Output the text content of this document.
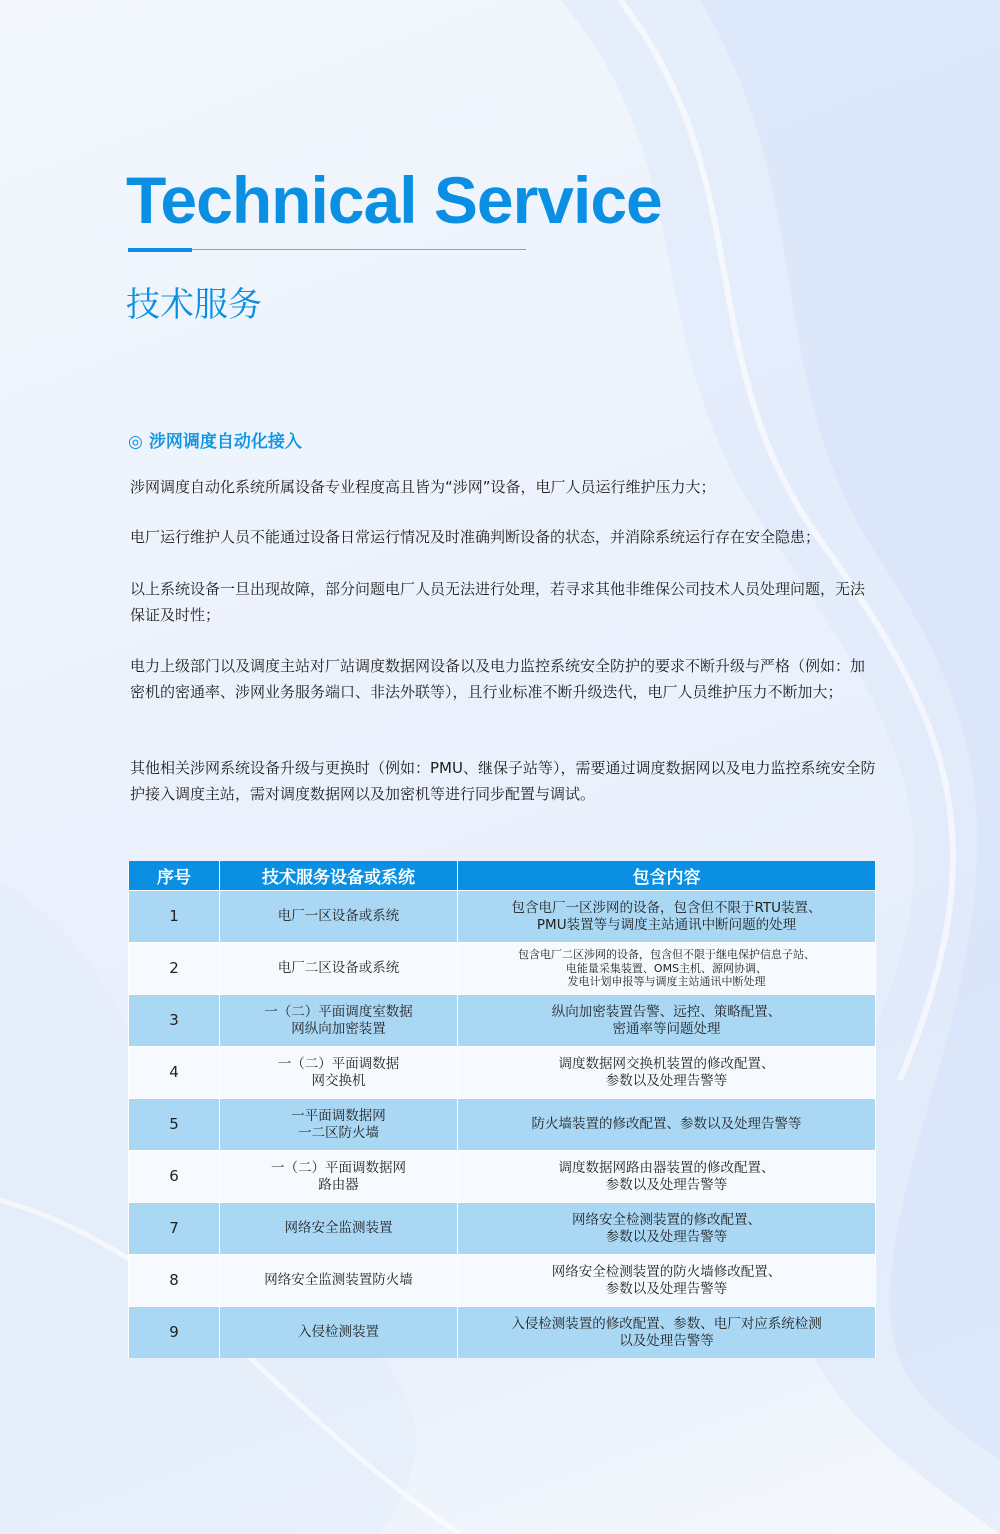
Technical Service
技术服务
◎ 涉网调度自动化接入

涉网调度自动化系统所属设备专业程度高且皆为“涉网”设备，电厂人员运行维护压力大；

电厂运行维护人员不能通过设备日常运行情况及时准确判断设备的状态，并消除系统运行存在安全隐患；

以上系统设备一旦出现故障，部分问题电厂人员无法进行处理，若寻求其他非维保公司技术人员处理问题，无法保证及时性；

电力上级部门以及调度主站对厂站调度数据网设备以及电力监控系统安全防护的要求不断升级与严格（例如：加密机的密通率、涉网业务服务端口、非法外联等），且行业标准不断升级迭代，电厂人员维护压力不断加大；

其他相关涉网系统设备升级与更换时（例如：PMU、继保子站等），需要通过调度数据网以及电力监控系统安全防护接入调度主站，需对调度数据网以及加密机等进行同步配置与调试。

序号	技术服务设备或系统	包含内容
1	电厂一区设备或系统	包含电厂一区涉网的设备，包含但不限于RTU装置、
PMU装置等与调度主站通讯中断问题的处理

2	电厂二区设备或系统	包含电厂二区涉网的设备，包含但不限于继电保护信息子站、
电能量采集装置、OMS主机、源网协调、
发电计划申报等与调度主站通讯中断处理

3	一（二）平面调度室数据
网纵向加密装置	纵向加密装置告警、远控、策略配置、
密通率等问题处理

4	一（二）平面调数据
网交换机	调度数据网交换机装置的修改配置、
参数以及处理告警等

5	一平面调数据网
一二区防火墙	防火墙装置的修改配置、参数以及处理告警等

6	一（二）平面调数据网
路由器	调度数据网路由器装置的修改配置、
参数以及处理告警等

7	网络安全监测装置	网络安全检测装置的修改配置、
参数以及处理告警等

8	网络安全监测装置防火墙	网络安全检测装置的防火墙修改配置、
参数以及处理告警等

9	入侵检测装置	入侵检测装置的修改配置、参数、电厂对应系统检测
以及处理告警等
